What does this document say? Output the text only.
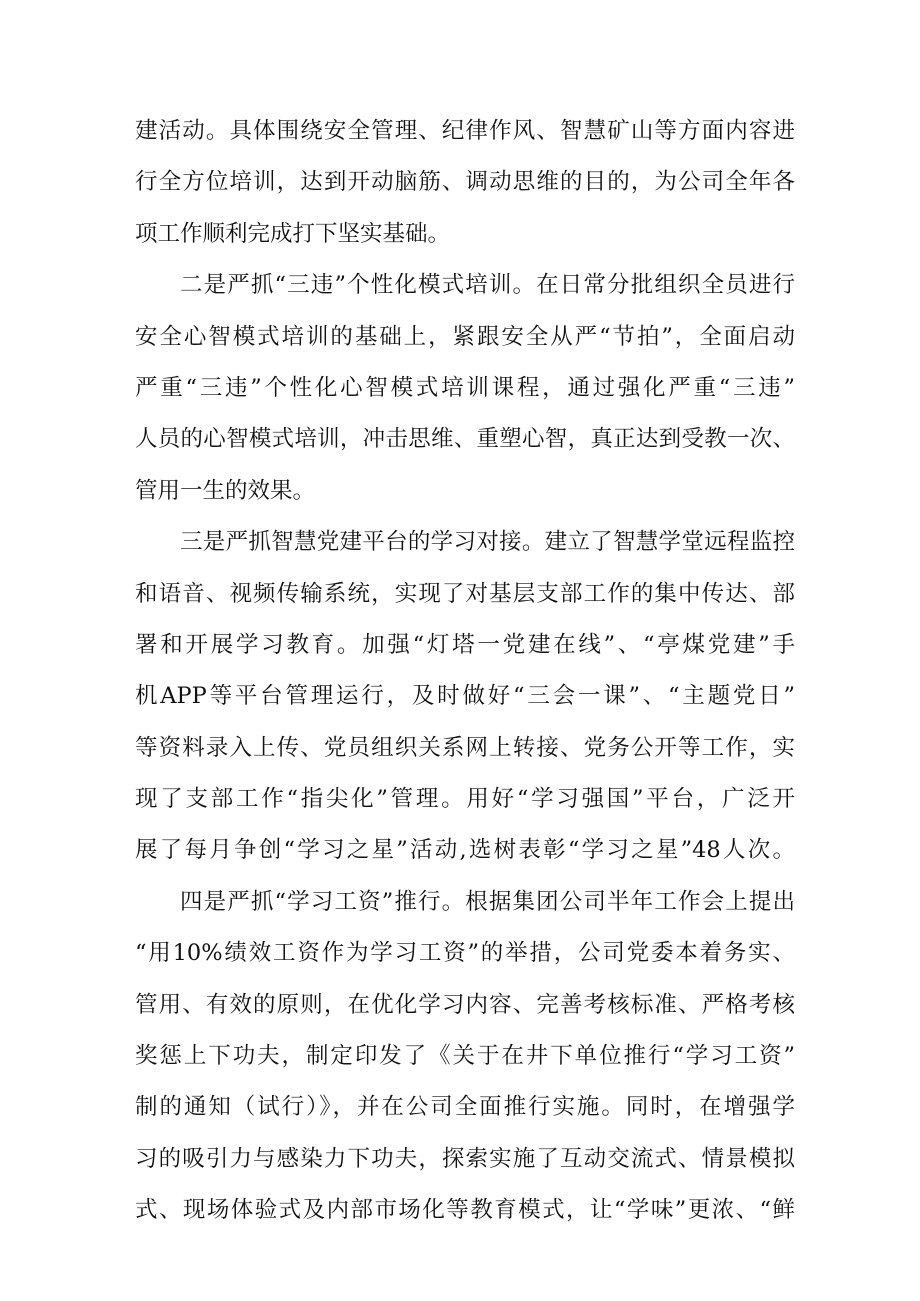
建活动。具体围绕安全管理、纪律作风、智慧矿山等方面内容进
行全方位培训，达到开动脑筋、调动思维的目的，为公司全年各
项工作顺利完成打下坚实基础。
二是严抓“三违”个性化模式培训。在日常分批组织全员进行
安全心智模式培训的基础上，紧跟安全从严“节拍”，全面启动
严重“三违”个性化心智模式培训课程，通过强化严重“三违”
人员的心智模式培训，冲击思维、重塑心智，真正达到受教一次、
管用一生的效果。
三是严抓智慧党建平台的学习对接。建立了智慧学堂远程监控
和语音、视频传输系统，实现了对基层支部工作的集中传达、部
署和开展学习教育。加强“灯塔一党建在线”、“亭煤党建”手
机APP等平台管理运行，及时做好“三会一课”、“主题党日”
等资料录入上传、党员组织关系网上转接、党务公开等工作，实
现了支部工作“指尖化”管理。用好“学习强国”平台，广泛开
展了每月争创“学习之星”活动,选树表彰“学习之星”48人次。
四是严抓“学习工资”推行。根据集团公司半年工作会上提出
“用10%绩效工资作为学习工资”的举措，公司党委本着务实、
管用、有效的原则，在优化学习内容、完善考核标准、严格考核
奖惩上下功夫，制定印发了《关于在井下单位推行“学习工资”
制的通知（试行）》，并在公司全面推行实施。同时，在增强学
习的吸引力与感染力下功夫，探索实施了互动交流式、情景模拟
式、现场体验式及内部市场化等教育模式，让“学味”更浓、“鲜
